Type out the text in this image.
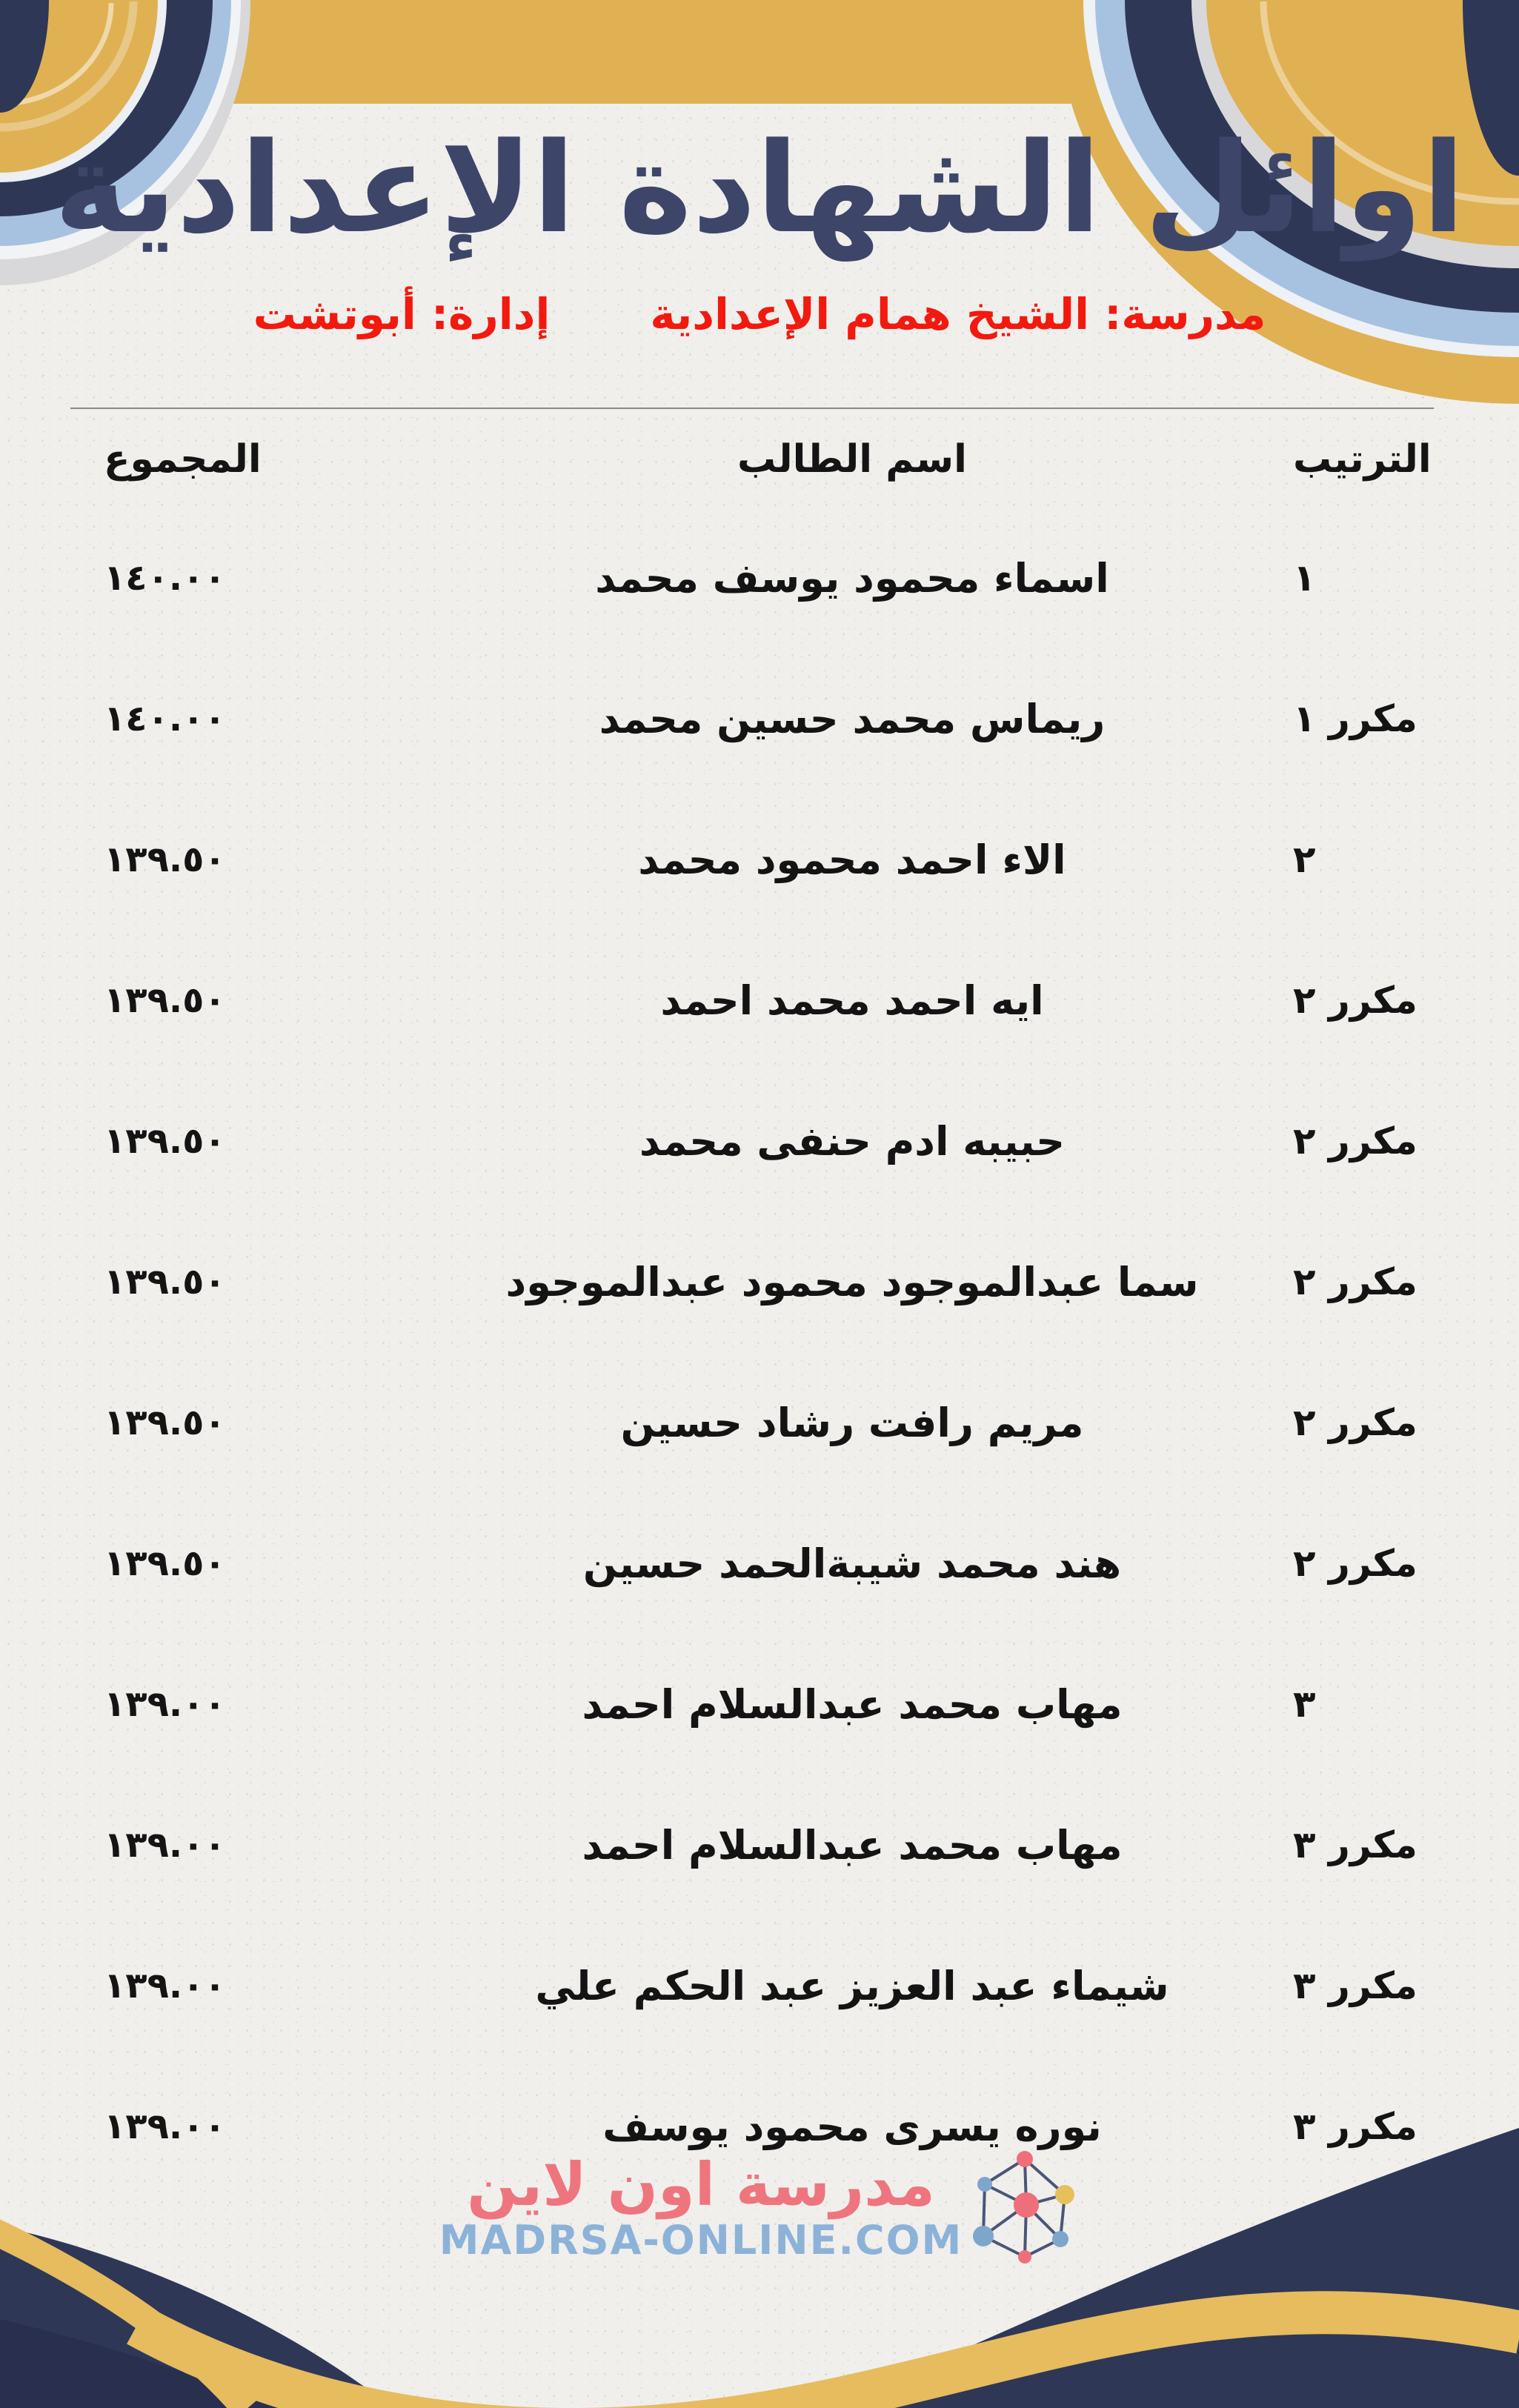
اوائل الشهادة الإعدادية
مدرسة: الشيخ همام الإعدادية
إدارة: أبوتشت
الترتيب
اسم الطالب
المجموع
١
اسماء محمود يوسف محمد
١٤٠.٠٠
مكرر ١
ريماس محمد حسين محمد
١٤٠.٠٠
٢
الاء احمد محمود محمد
١٣٩.٥٠
مكرر ٢
ايه احمد محمد احمد
١٣٩.٥٠
مكرر ٢
حبيبه ادم حنفى محمد
١٣٩.٥٠
مكرر ٢
سما عبدالموجود محمود عبدالموجود
١٣٩.٥٠
مكرر ٢
مريم رافت رشاد حسين
١٣٩.٥٠
مكرر ٢
هند محمد شيبةالحمد حسين
١٣٩.٥٠
٣
مهاب محمد عبدالسلام احمد
١٣٩.٠٠
مكرر ٣
مهاب محمد عبدالسلام احمد
١٣٩.٠٠
مكرر ٣
شيماء عبد العزيز عبد الحكم علي
١٣٩.٠٠
مكرر ٣
نوره يسرى محمود يوسف
١٣٩.٠٠
مدرسة اون لاين
MADRSA-ONLINE.COM
